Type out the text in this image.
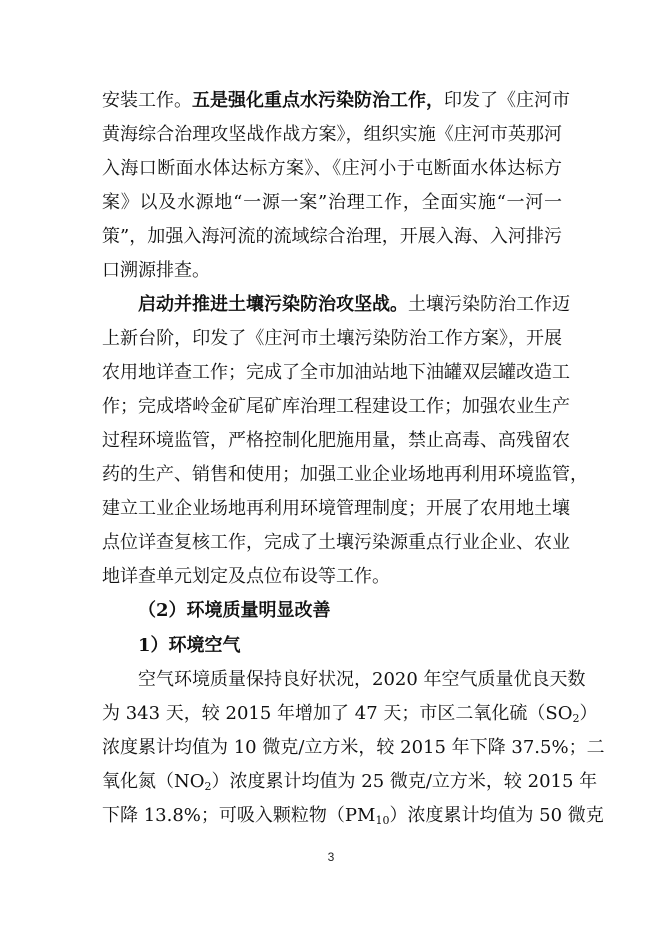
安装工作。五是强化重点水污染防治工作，印发了《庄河市
黄海综合治理攻坚战作战方案》，组织实施《庄河市英那河
入海口断面水体达标方案》、《庄河小于屯断面水体达标方
案》以及水源地“一源一案”治理工作，全面实施“一河一
策”，加强入海河流的流域综合治理，开展入海、入河排污
口溯源排查。
启动并推进土壤污染防治攻坚战。土壤污染防治工作迈
上新台阶，印发了《庄河市土壤污染防治工作方案》，开展
农用地详查工作；完成了全市加油站地下油罐双层罐改造工
作；完成塔岭金矿尾矿库治理工程建设工作；加强农业生产
过程环境监管，严格控制化肥施用量，禁止高毒、高残留农
药的生产、销售和使用；加强工业企业场地再利用环境监管，
建立工业企业场地再利用环境管理制度；开展了农用地土壤
点位详查复核工作，完成了土壤污染源重点行业企业、农业
地详查单元划定及点位布设等工作。
（2）环境质量明显改善
1）环境空气
空气环境质量保持良好状况，2020 年空气质量优良天数
为 343 天，较 2015 年增加了 47 天；市区二氧化硫$(SO_2)$
浓度累计均值为 10 微克/立方米，较 2015 年下降 37.5%；二
氧化氮$(NO_2)$浓度累计均值为 25 微克/立方米，较 2015 年
下降 13.8%；可吸入颗粒物$(PM_{10})$浓度累计均值为 50 微克
3
